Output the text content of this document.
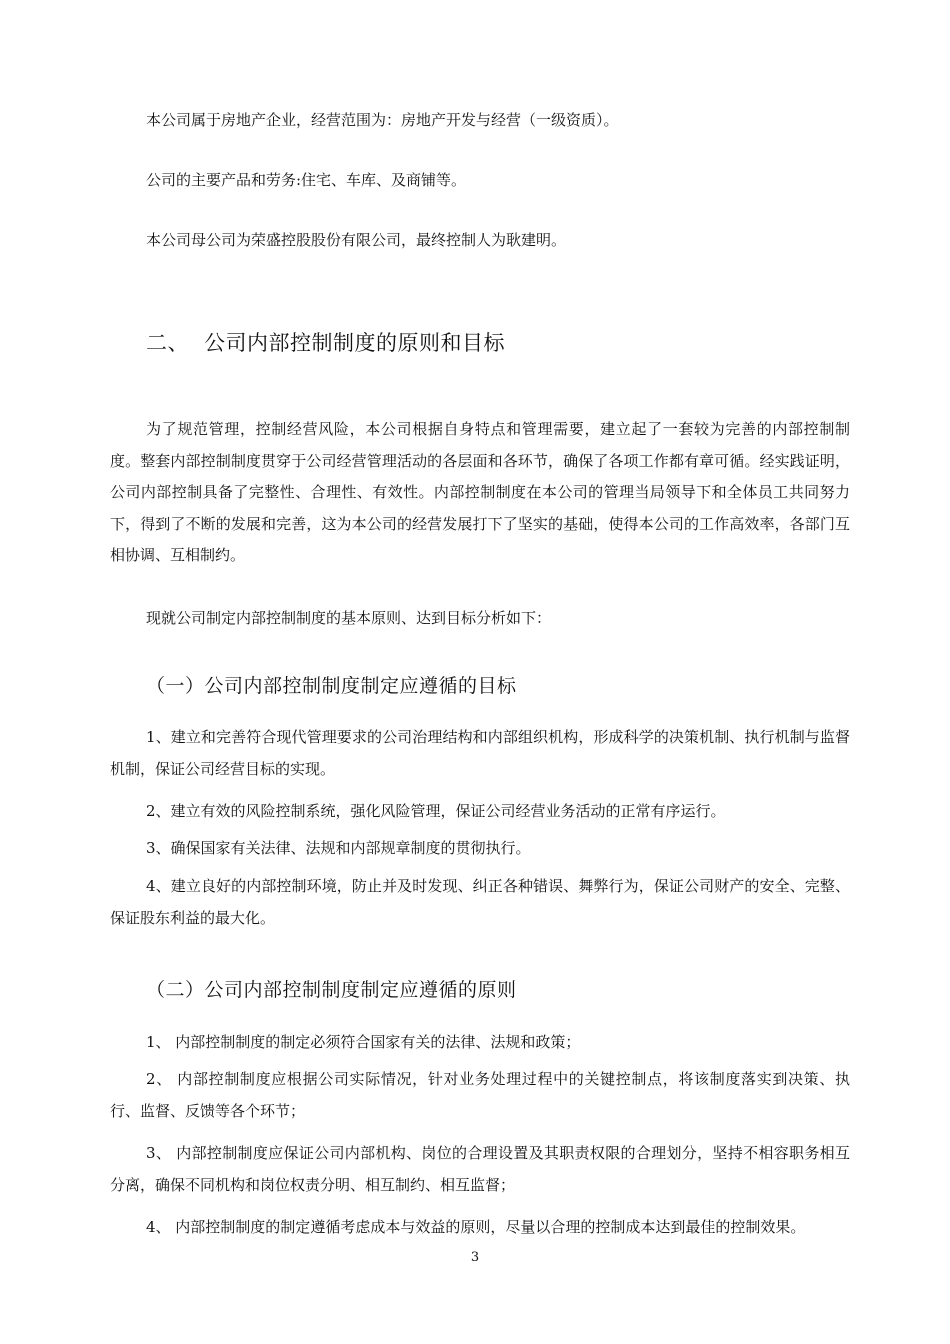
本公司属于房地产企业，经营范围为：房地产开发与经营（一级资质）。

公司的主要产品和劳务:住宅、车库、及商铺等。

本公司母公司为荣盛控股股份有限公司，最终控制人为耿建明。

二、 公司内部控制制度的原则和目标

为了规范管理，控制经营风险，本公司根据自身特点和管理需要，建立起了一套较为完善的内部控制制度。整套内部控制制度贯穿于公司经营管理活动的各层面和各环节，确保了各项工作都有章可循。经实践证明，公司内部控制具备了完整性、合理性、有效性。内部控制制度在本公司的管理当局领导下和全体员工共同努力下，得到了不断的发展和完善，这为本公司的经营发展打下了坚实的基础，使得本公司的工作高效率，各部门互相协调、互相制约。

现就公司制定内部控制制度的基本原则、达到目标分析如下：

（一）公司内部控制制度制定应遵循的目标

1、建立和完善符合现代管理要求的公司治理结构和内部组织机构，形成科学的决策机制、执行机制与监督机制，保证公司经营目标的实现。

2、建立有效的风险控制系统，强化风险管理，保证公司经营业务活动的正常有序运行。

3、确保国家有关法律、法规和内部规章制度的贯彻执行。

4、建立良好的内部控制环境，防止并及时发现、纠正各种错误、舞弊行为，保证公司财产的安全、完整、保证股东利益的最大化。

（二）公司内部控制制度制定应遵循的原则

1、 内部控制制度的制定必须符合国家有关的法律、法规和政策；

2、 内部控制制度应根据公司实际情况，针对业务处理过程中的关键控制点，将该制度落实到决策、执行、监督、反馈等各个环节；

3、 内部控制制度应保证公司内部机构、岗位的合理设置及其职责权限的合理划分，坚持不相容职务相互分离，确保不同机构和岗位权责分明、相互制约、相互监督；

4、 内部控制制度的制定遵循考虑成本与效益的原则，尽量以合理的控制成本达到最佳的控制效果。

3
